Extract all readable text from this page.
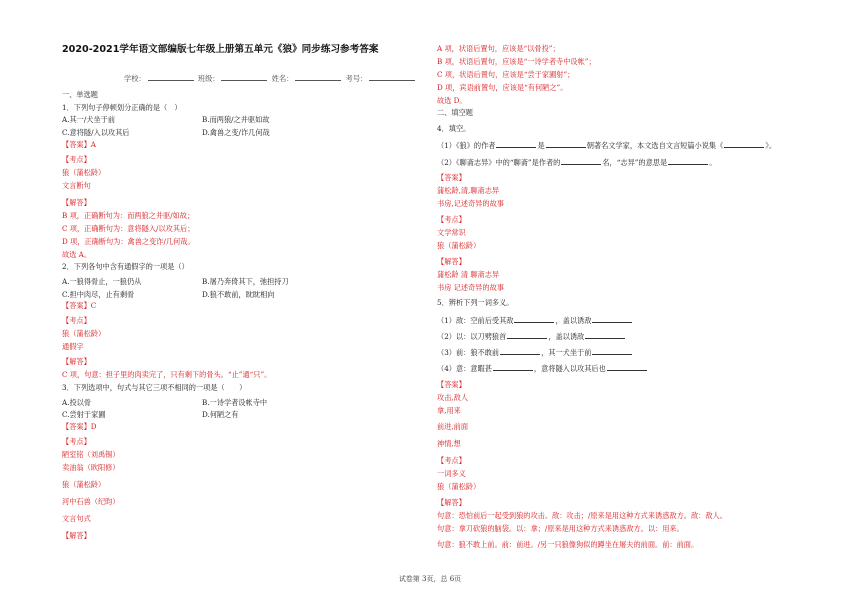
2020-2021学年语文部编版七年级上册第五单元《狼》同步练习参考答案
学校：	班级：	姓名：	考号：
一、单选题
1．下列句子停顿划分正确的是（　）
A.其一/犬坐于前	B.而两狼/之并驱如故
C.意将隧/入以攻其后	D.禽兽之变/诈几何哉
【答案】A
【考点】
狼（蒲松龄）
文言断句
【解答】
B 项，正确断句为：而两狼之并驱/如故；
C 项，正确断句为：意将隧入/以攻其后；
D 项，正确断句为：禽兽之变诈/几何哉。
故选 A。
2．下列各句中含有通假字的一项是（）
A.一狼得骨止，一狼仍从	B.屠乃奔倚其下，弛担持刀
C.担中肉尽，止有剩骨	D.狼不敢前，眈眈相向
【答案】C
【考点】
狼（蒲松龄）
通假字
【解答】
C 项，句意：担子里的肉卖完了，只有剩下的骨头。“止”通“只”。
3．下列选项中，句式与其它三项不相同的一项是（　　）
A.投以骨	B.一诗学者设帐寺中
C.尝射于家圃	D.何陋之有
【答案】D
【考点】
陋室铭（刘禹锡）
卖油翁（欧阳修）
狼（蒲松龄）
河中石兽（纪昀）
文言句式
【解答】
A 项，状语后置句，应该是“以骨投”；
B 项，状语后置句，应该是“一诗学者寺中设帐”；
C 项，状语后置句，应该是“尝于家圃射”；
D 项，宾语前置句，应该是“有何陋之”。
故选 D。
二、填空题
4．填空。
（1）《狼》的作者	是	朝著名文学家，本文选自文言短篇小说集《	》。
（2）《聊斋志异》中的“聊斋”是作者的	名，“志异”的意思是	。
【答案】
蒲松龄,清,聊斋志异
书房,记述奇异的故事
【考点】
文学常识
狼（蒲松龄）
【解答】
蒲松龄 清 聊斋志异
书房 记述奇异的故事
5．辨析下列一词多义。
（1）敌：空前后受其敌	，盖以诱敌
（2）以：以刀劈狼首	，盖以诱敌
（3）前：狼不敢前	，其一犬坐于前
（4）意：意暇甚	，意将隧入以攻其后也
【答案】
攻击,敌人
拿,用来
前进,前面
神情,想
【考点】
一词多义
狼（蒲松龄）
【解答】
句意：恐怕前后一起受到狼的攻击。敌：攻击；/原来是用这种方式来诱惑敌方。敌：敌人。
句意：拿刀砍狼的脑袋。以：拿；/原来是用这种方式来诱惑敌方。以：用来。
句意：狼不敢上前。前：前进。/另一只狼像狗似的蹲坐在屠夫的前面。前：前面。
试卷第 3页，总 6页
